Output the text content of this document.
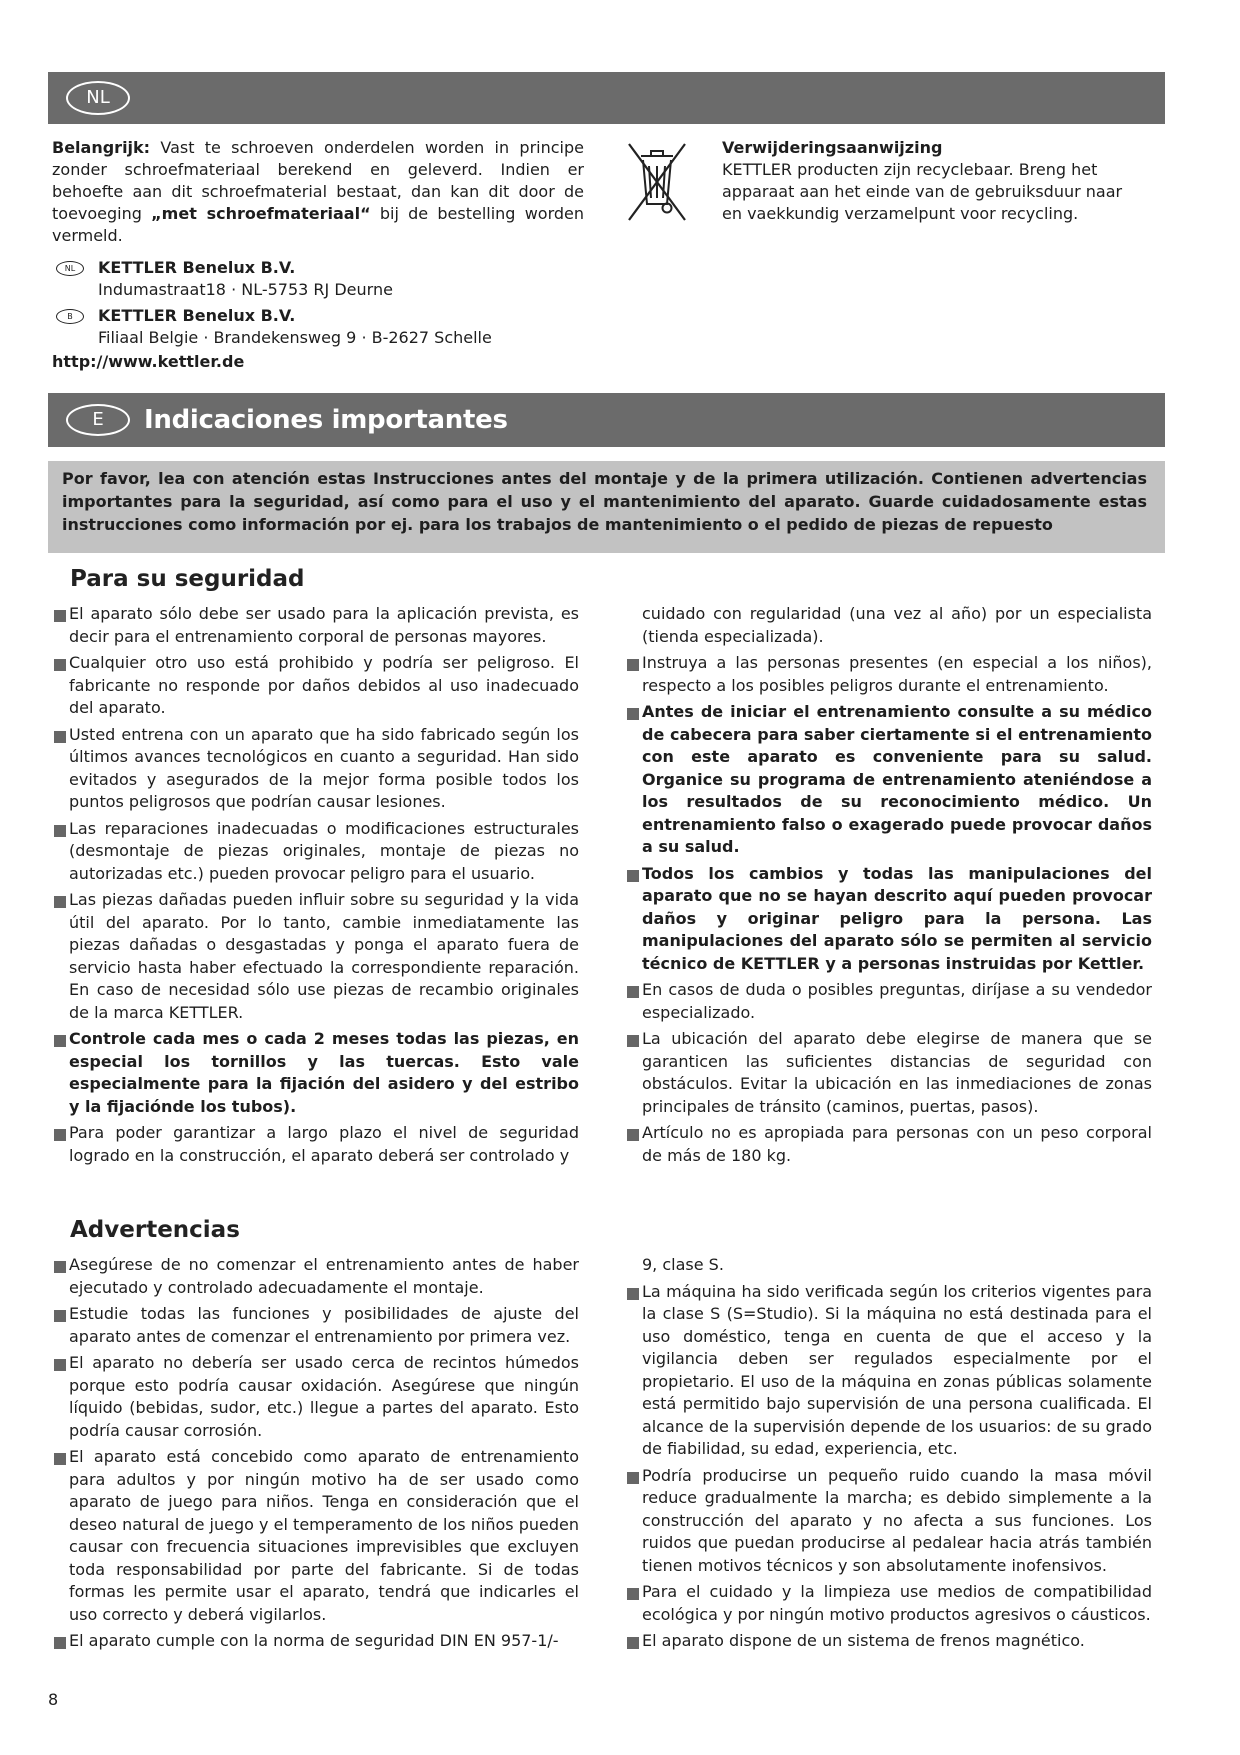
NL

Belangrijk: Vast te schroeven onderdelen worden in principe zonder schroefmateriaal berekend en geleverd. Indien er behoefte aan dit schroefmaterial bestaat, dan kan dit door de toevoeging „met schroefmateriaal“ bij de bestelling worden vermeld.

NL	KETTLER Benelux B.V.
Indumastraat18 · NL-5753 RJ Deurne
B	KETTLER Benelux B.V.
Filiaal Belgie · Brandekensweg 9 · B-2627 Schelle
http://www.kettler.de

Verwijderingsaanwijzing

KETTLER producten zijn recyclebaar. Breng het apparaat aan het einde van de gebruiksduur naar en vaekkundig verzamelpunt voor recycling.

E	Indicaciones importantes
Por favor, lea con atención estas Instrucciones antes del montaje y de la primera utilización. Contienen advertencias importantes para la seguridad, así como para el uso y el mantenimiento del aparato. Guarde cuidadosamente estas instrucciones como información por ej. para los trabajos de mantenimiento o el pedido de piezas de repuesto
Para su seguridad
El aparato sólo debe ser usado para la aplicación prevista, es decir para el entrenamiento corporal de personas mayores.
Cualquier otro uso está prohibido y podría ser peligroso. El fabricante no responde por daños debidos al uso inadecuado del aparato.
Usted entrena con un aparato que ha sido fabricado según los últimos avances tecnológicos en cuanto a seguridad. Han sido evitados y asegurados de la mejor forma posible todos los puntos peligrosos que podrían causar lesiones.
Las reparaciones inadecuadas o modificaciones estructurales (desmontaje de piezas originales, montaje de piezas no autorizadas etc.) pueden provocar peligro para el usuario.
Las piezas dañadas pueden influir sobre su seguridad y la vida útil del aparato. Por lo tanto, cambie inmediatamente las piezas dañadas o desgastadas y ponga el aparato fuera de servicio hasta haber efectuado la correspondiente reparación. En caso de necesidad sólo use piezas de recambio originales de la marca KETTLER.
Controle cada mes o cada 2 meses todas las piezas, en especial los tornillos y las tuercas. Esto vale especialmente para la fijación del asidero y del estribo y la fijaciónde los tubos).
Para poder garantizar a largo plazo el nivel de seguridad logrado en la construcción, el aparato deberá ser controlado y
cuidado con regularidad (una vez al año) por un especialista (tienda especializada).
Instruya a las personas presentes (en especial a los niños), respecto a los posibles peligros durante el entrenamiento.
Antes de iniciar el entrenamiento consulte a su médico de cabecera para saber ciertamente si el entrenamiento con este aparato es conveniente para su salud. Organice su programa de entrenamiento ateniéndose a los resultados de su reconocimiento médico. Un entrenamiento falso o exagerado puede provocar daños a su salud.
Todos los cambios y todas las manipulaciones del aparato que no se hayan descrito aquí pueden provocar daños y originar peligro para la persona. Las manipulaciones del aparato sólo se permiten al servicio técnico de KETTLER y a personas instruidas por Kettler.
En casos de duda o posibles preguntas, diríjase a su vendedor especializado.
La ubicación del aparato debe elegirse de manera que se garanticen las suficientes distancias de seguridad con obstáculos. Evitar la ubicación en las inmediaciones de zonas principales de tránsito (caminos, puertas, pasos).
Artículo no es apropiada para personas con un peso corporal de más de 180 kg.
Advertencias
Asegúrese de no comenzar el entrenamiento antes de haber ejecutado y controlado adecuadamente el montaje.
Estudie todas las funciones y posibilidades de ajuste del aparato antes de comenzar el entrenamiento por primera vez.
El aparato no debería ser usado cerca de recintos húmedos porque esto podría causar oxidación. Asegúrese que ningún líquido (bebidas, sudor, etc.) llegue a partes del aparato. Esto podría causar corrosión.
El aparato está concebido como aparato de entrenamiento para adultos y por ningún motivo ha de ser usado como aparato de juego para niños. Tenga en consideración que el deseo natural de juego y el temperamento de los niños pueden causar con frecuencia situaciones imprevisibles que excluyen toda responsabilidad por parte del fabricante. Si de todas formas les permite usar el aparato, tendrá que indicarles el uso correcto y deberá vigilarlos.
El aparato cumple con la norma de seguridad DIN EN 957-1/-
9, clase S.
La máquina ha sido verificada según los criterios vigentes para la clase S (S=Studio). Si la máquina no está destinada para el uso doméstico, tenga en cuenta de que el acceso y la vigilancia deben ser regulados especialmente por el propietario. El uso de la máquina en zonas públicas solamente está permitido bajo supervisión de una persona cualificada. El alcance de la supervisión depende de los usuarios: de su grado de fiabilidad, su edad, experiencia, etc.
Podría producirse un pequeño ruido cuando la masa móvil reduce gradualmente la marcha; es debido simplemente a la construcción del aparato y no afecta a sus funciones. Los ruidos que puedan producirse al pedalear hacia atrás también tienen motivos técnicos y son absolutamente inofensivos.
Para el cuidado y la limpieza use medios de compatibilidad ecológica y por ningún motivo productos agresivos o cáusticos.
El aparato dispone de un sistema de frenos magnético.
8
